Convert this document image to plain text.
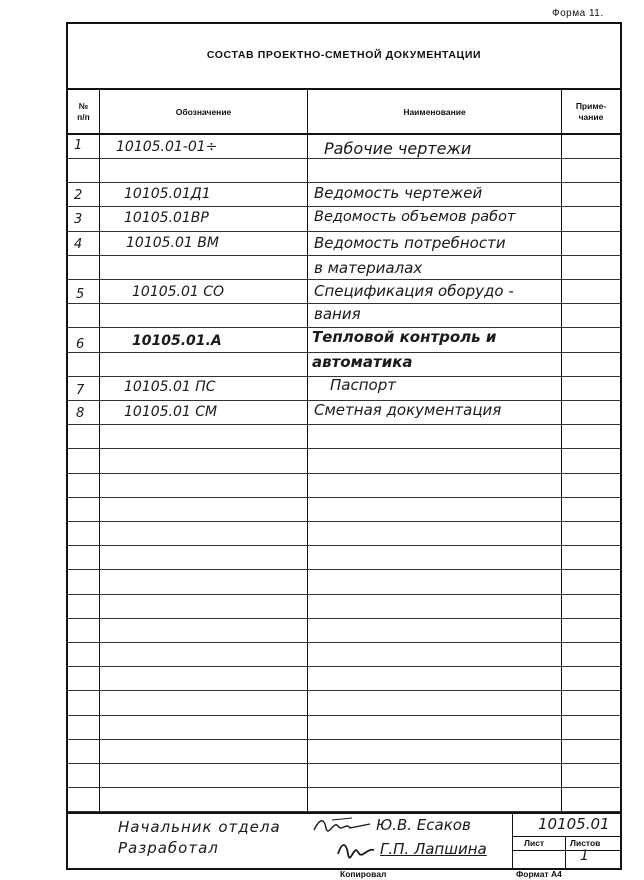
Форма 11.
СОСТАВ ПРОЕКТНО-СМЕТНОЙ ДОКУМЕНТАЦИИ
№
п/п
Обозначение	Наименование
Приме-
чание
1 10105.01-01÷	Рабочие чертежи
2	10105.01Д1	Ведомость чертежей
3	10105.01ВР	Ведомость объемов работ
4	10105.01 ВМ	Ведомость потребности
в материалах
5	10105.01 СО	Спецификация оборудо -
вания
6	10105.01.А	Тепловой контроль и
автоматика
7	10105.01 ПС	Паспорт
8	10105.01 СМ	Сметная документация
Начальник отдела	Ю.В. Есаков
Разработал	Г.П. Лапшина
10105.01
Лист	Листов
1
Копировал	Формат А4
